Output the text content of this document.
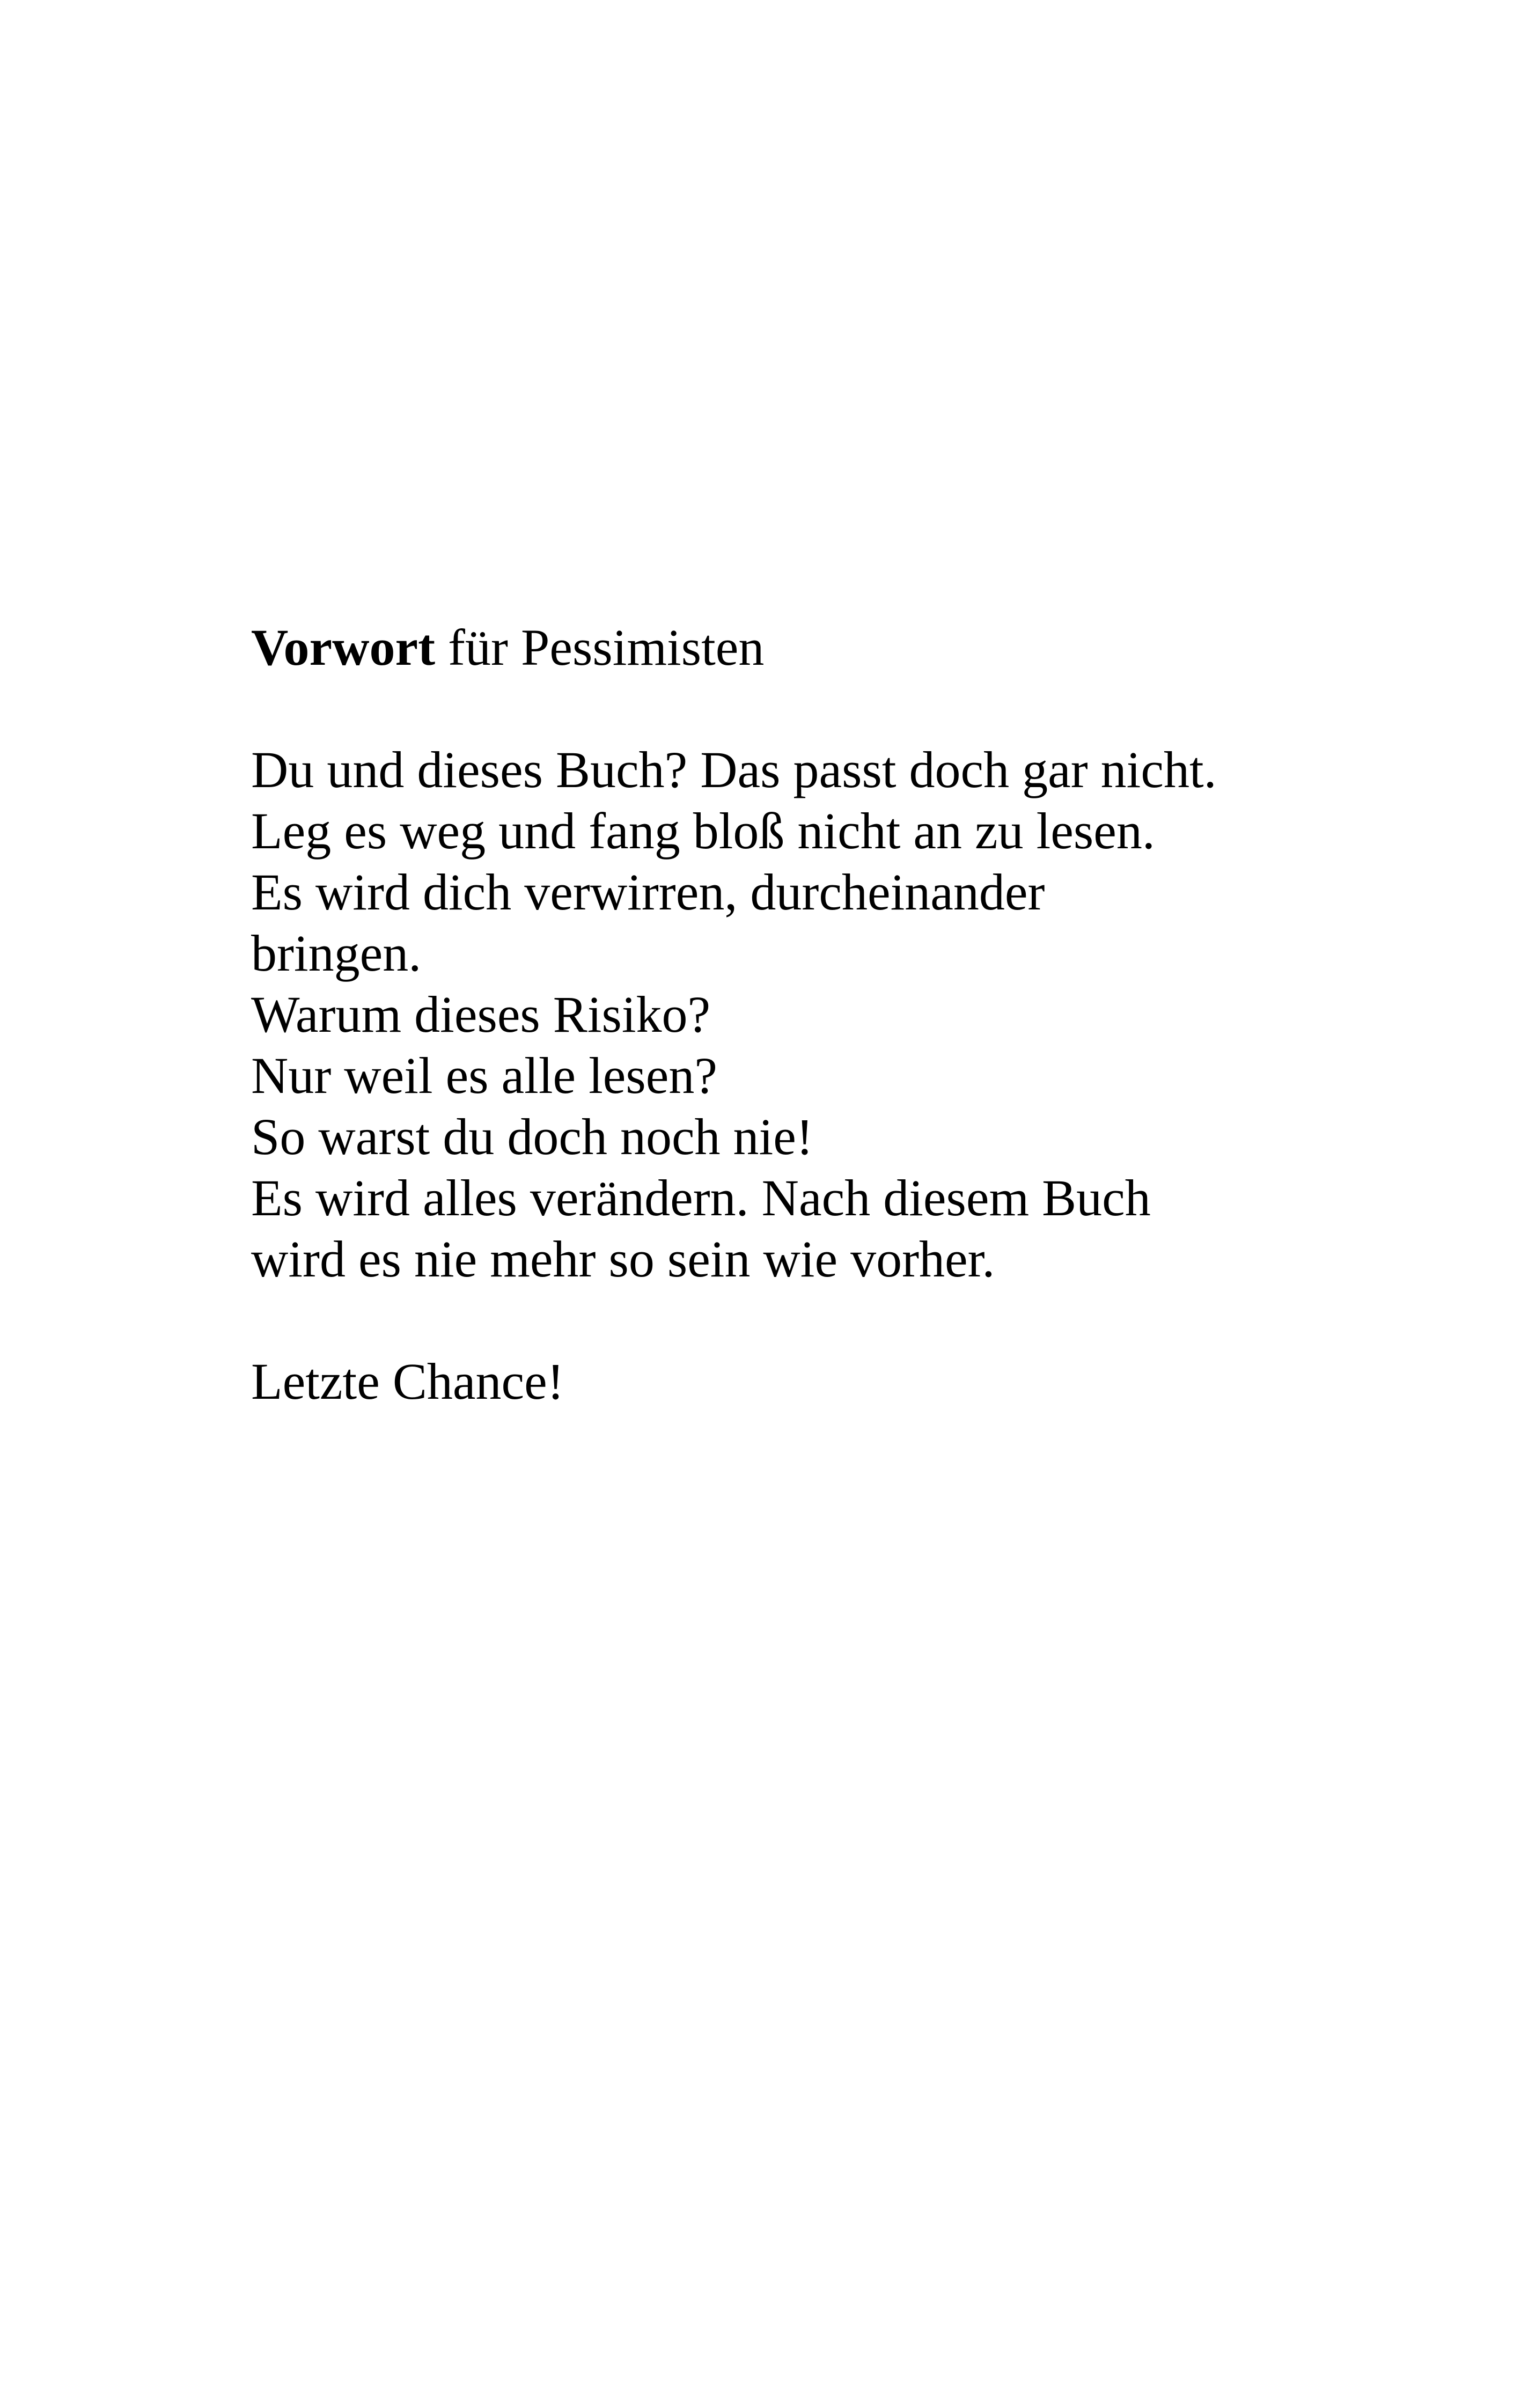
Vorwort für Pessimisten
Du und dieses Buch? Das passt doch gar nicht.
Leg es weg und fang bloß nicht an zu lesen.
Es wird dich verwirren, durcheinander
bringen.
Warum dieses Risiko?
Nur weil es alle lesen?
So warst du doch noch nie!
Es wird alles verändern. Nach diesem Buch
wird es nie mehr so sein wie vorher.
Letzte Chance!
